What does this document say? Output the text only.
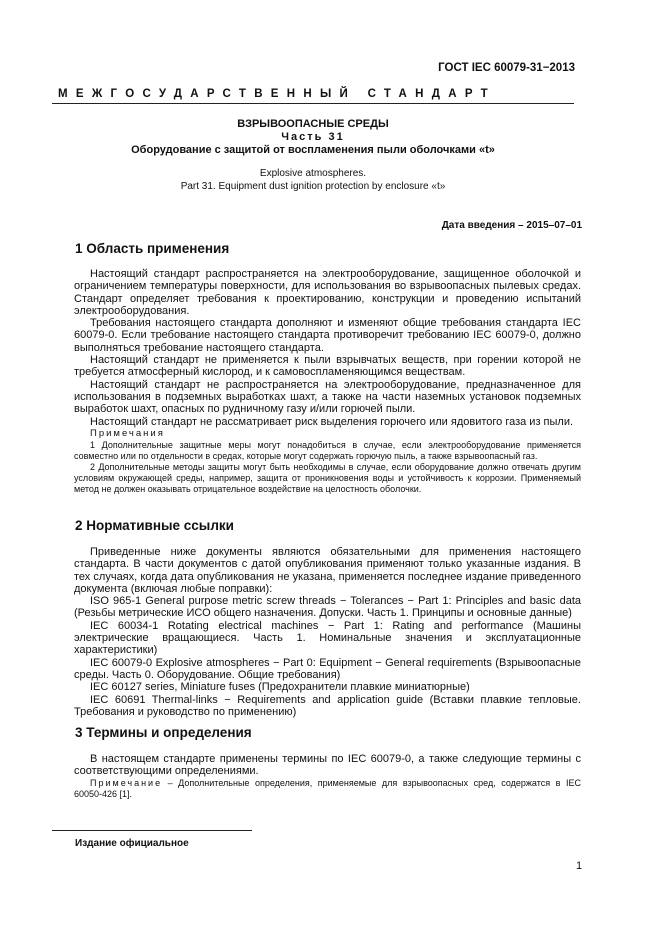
ГОСТ IEC 60079-31−2013
МЕЖГОСУДАРСТВЕННЫЙ СТАНДАРТ
ВЗРЫВООПАСНЫЕ СРЕДЫ
Часть 31
Оборудование с защитой от воспламенения пыли оболочками «t»
Explosive atmospheres.
Part 31. Equipment dust ignition protection by enclosure «t»
Дата введения – 2015–07–01
1 Область применения

Настоящий стандарт распространяется на электрооборудование, защищенное оболочкой и ограничением температуры поверхности, для использования во взрывоопасных пылевых средах. Стандарт определяет требования к проектированию, конструкции и проведению испытаний электрооборудования.

Требования настоящего стандарта дополняют и изменяют общие требования стандарта IEC 60079-0. Если требование настоящего стандарта противоречит требованию IEC 60079-0, должно выполняться требование настоящего стандарта.

Настоящий стандарт не применяется к пыли взрывчатых веществ, при горении которой не требуется атмосферный кислород, и к самовоспламеняющимся веществам.

Настоящий стандарт не распространяется на электрооборудование, предназначенное для использования в подземных выработках шахт, а также на части наземных установок подземных выработок шахт, опасных по рудничному газу и/или горючей пыли.

Настоящий стандарт не рассматривает риск выделения горючего или ядовитого газа из пыли.

Примечания

1 Дополнительные защитные меры могут понадобиться в случае, если электрооборудование применяется совместно или по отдельности в средах, которые могут содержать горючую пыль, а также взрывоопасный газ.

2 Дополнительные методы защиты могут быть необходимы в случае, если оборудование должно отвечать другим условиям окружающей среды, например, защита от проникновения воды и устойчивость к коррозии. Применяемый метод не должен оказывать отрицательное воздействие на целостность оболочки.

2 Нормативные ссылки

Приведенные ниже документы являются обязательными для применения настоящего стандарта. В части документов с датой опубликования применяют только указанные издания. В тех случаях, когда дата опубликования не указана, применяется последнее издание приведенного документа (включая любые поправки):

ISO 965-1 General purpose metric screw threads − Tolerances − Part 1: Principles and basic data (Резьбы метрические ИСО общего назначения. Допуски. Часть 1. Принципы и основные данные)

IEC 60034-1 Rotating electrical machines − Part 1: Rating and performance (Машины электрические вращающиеся. Часть 1. Номинальные значения и эксплуатационные характеристики)

IEC 60079-0 Explosive atmospheres − Part 0: Equipment − General requirements (Взрывоопасные среды. Часть 0. Оборудование. Общие требования)

IEC 60127 series, Miniature fuses (Предохранители плавкие миниатюрные)

IEC 60691 Thermal-links − Requirements and application guide (Вставки плавкие тепловые. Требования и руководство по применению)

3 Термины и определения

В настоящем стандарте применены термины по IEC 60079-0, а также следующие термины с соответствующими определениями.

Примечание – Дополнительные определения, применяемые для взрывоопасных сред, содержатся в IEC 60050-426 [1].

Издание официальное
1
